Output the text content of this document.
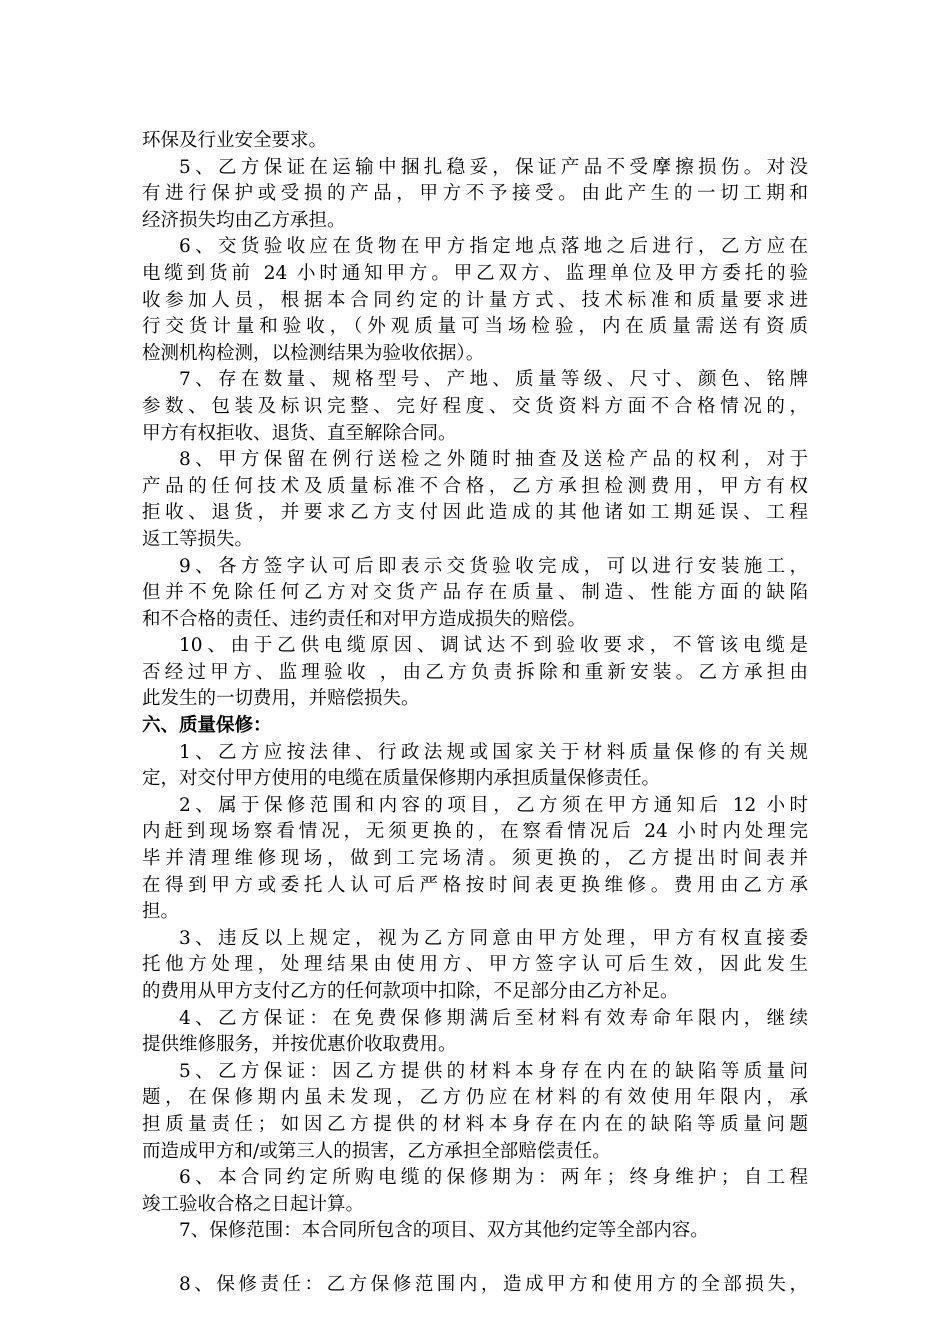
环保及行业安全要求。
5、乙方保证在运输中捆扎稳妥，保证产品不受摩擦损伤。对没
有进行保护或受损的产品，甲方不予接受。由此产生的一切工期和
经济损失均由乙方承担。
6、交货验收应在货物在甲方指定地点落地之后进行，乙方应在
电缆到货前 24 小时通知甲方。甲乙双方、监理单位及甲方委托的验
收参加人员，根据本合同约定的计量方式、技术标准和质量要求进
行交货计量和验收，（外观质量可当场检验，内在质量需送有资质
检测机构检测，以检测结果为验收依据）。
7、存在数量、规格型号、产地、质量等级、尺寸、颜色、铭牌
参数、包装及标识完整、完好程度、交货资料方面不合格情况的，
甲方有权拒收、退货、直至解除合同。
8、甲方保留在例行送检之外随时抽查及送检产品的权利，对于
产品的任何技术及质量标准不合格，乙方承担检测费用，甲方有权
拒收、退货，并要求乙方支付因此造成的其他诸如工期延误、工程
返工等损失。
9、各方签字认可后即表示交货验收完成，可以进行安装施工，
但并不免除任何乙方对交货产品存在质量、制造、性能方面的缺陷
和不合格的责任、违约责任和对甲方造成损失的赔偿。
10、由于乙供电缆原因、调试达不到验收要求，不管该电缆是
否经过甲方、监理验收 ，由乙方负责拆除和重新安装。乙方承担由
此发生的一切费用，并赔偿损失。
六、质量保修：
1、乙方应按法律、行政法规或国家关于材料质量保修的有关规
定，对交付甲方使用的电缆在质量保修期内承担质量保修责任。
2、属于保修范围和内容的项目，乙方须在甲方通知后 12 小时
内赶到现场察看情况，无须更换的，在察看情况后 24 小时内处理完
毕并清理维修现场，做到工完场清。须更换的，乙方提出时间表并
在得到甲方或委托人认可后严格按时间表更换维修。费用由乙方承
担。
3、违反以上规定，视为乙方同意由甲方处理，甲方有权直接委
托他方处理，处理结果由使用方、甲方签字认可后生效，因此发生
的费用从甲方支付乙方的任何款项中扣除，不足部分由乙方补足。
4、乙方保证：在免费保修期满后至材料有效寿命年限内，继续
提供维修服务，并按优惠价收取费用。
5、乙方保证：因乙方提供的材料本身存在内在的缺陷等质量问
题，在保修期内虽未发现，乙方仍应在材料的有效使用年限内，承
担质量责任；如因乙方提供的材料本身存在内在的缺陷等质量问题
而造成甲方和/或第三人的损害，乙方承担全部赔偿责任。
6、本合同约定所购电缆的保修期为：两年；终身维护；自工程
竣工验收合格之日起计算。
7、保修范围：本合同所包含的项目、双方其他约定等全部内容。
8、保修责任：乙方保修范围内，造成甲方和使用方的全部损失，
